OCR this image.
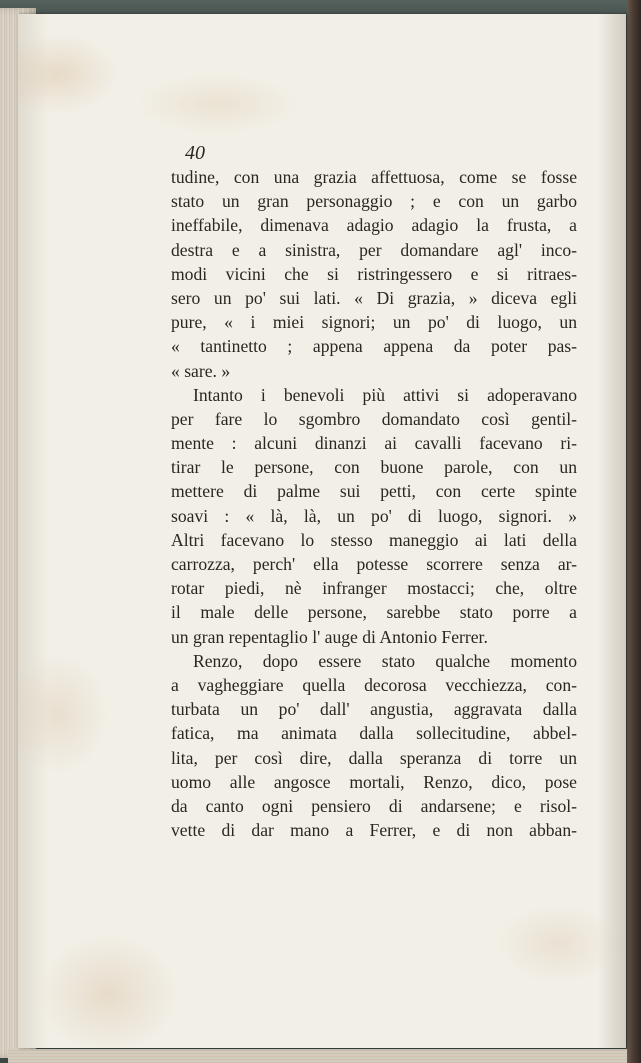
40
tudine, con una grazia affettuosa, come se fosse
stato un gran personaggio ; e con un garbo
ineffabile, dimenava adagio adagio la frusta, a
destra e a sinistra, per domandare agl' inco-
modi vicini che si ristringessero e si ritraes-
sero un po' sui lati. « Di grazia, » diceva egli
pure, « i miei signori; un po' di luogo, un
« tantinetto ; appena appena da poter pas-
« sare. »
Intanto i benevoli più attivi si adoperavano
per fare lo sgombro domandato così gentil-
mente : alcuni dinanzi ai cavalli facevano ri-
tirar le persone, con buone parole, con un
mettere di palme sui petti, con certe spinte
soavi : « là, là, un po' di luogo, signori. »
Altri facevano lo stesso maneggio ai lati della
carrozza, perch' ella potesse scorrere senza ar-
rotar piedi, nè infranger mostacci; che, oltre
il male delle persone, sarebbe stato porre a
un gran repentaglio l' auge di Antonio Ferrer.
Renzo, dopo essere stato qualche momento
a vagheggiare quella decorosa vecchiezza, con-
turbata un po' dall' angustia, aggravata dalla
fatica, ma animata dalla sollecitudine, abbel-
lita, per così dire, dalla speranza di torre un
uomo alle angosce mortali, Renzo, dico, pose
da canto ogni pensiero di andarsene; e risol-
vette di dar mano a Ferrer, e di non abban-
